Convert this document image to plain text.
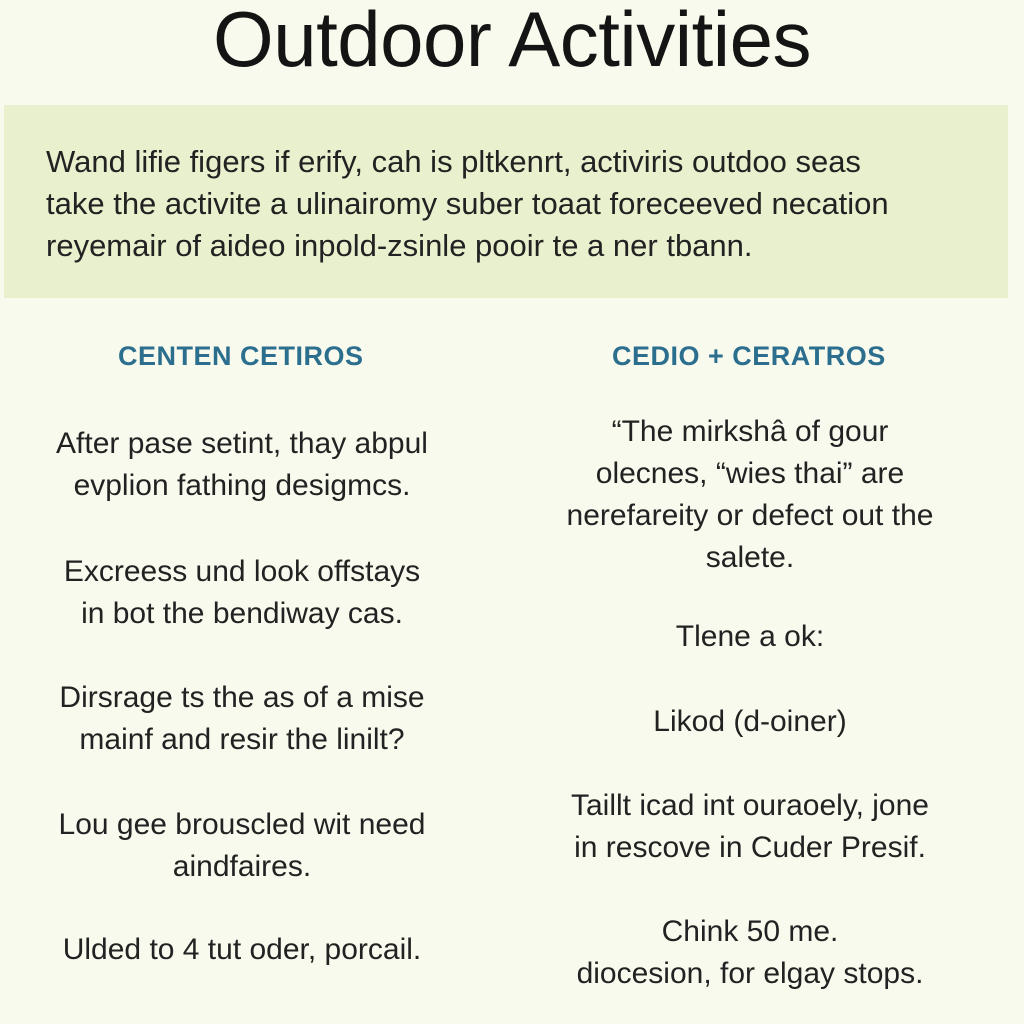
Outdoor Activities
Wand lifie figers if erify, cah is pltkenrt, activiris outdoo seas
take the activite a ulinairomy suber toaat foreceeved necation
reyemair of aideo inpold-zsinle pooir te a ner tbann.
CENTEN CETIROS
After pase setint, thay abpul
evplion fathing desigmcs.
Excreess und look offstays
in bot the bendiway cas.
Dirsrage ts the as of a mise
mainf and resir the linilt?
Lou gee brouscled wit need
aindfaires.
Ulded to 4 tut oder, porcail.
CEDIO + CERATROS
“The mirkshâ of gour
olecnes, “wies thai” are
nerefareity or defect out the
salete.
Tlene a ok:
Likod (d-oiner)
Taillt icad int ouraoely, jone
in rescove in Cuder Presif.
Chink 50 me.
diocesion, for elgay stops.
